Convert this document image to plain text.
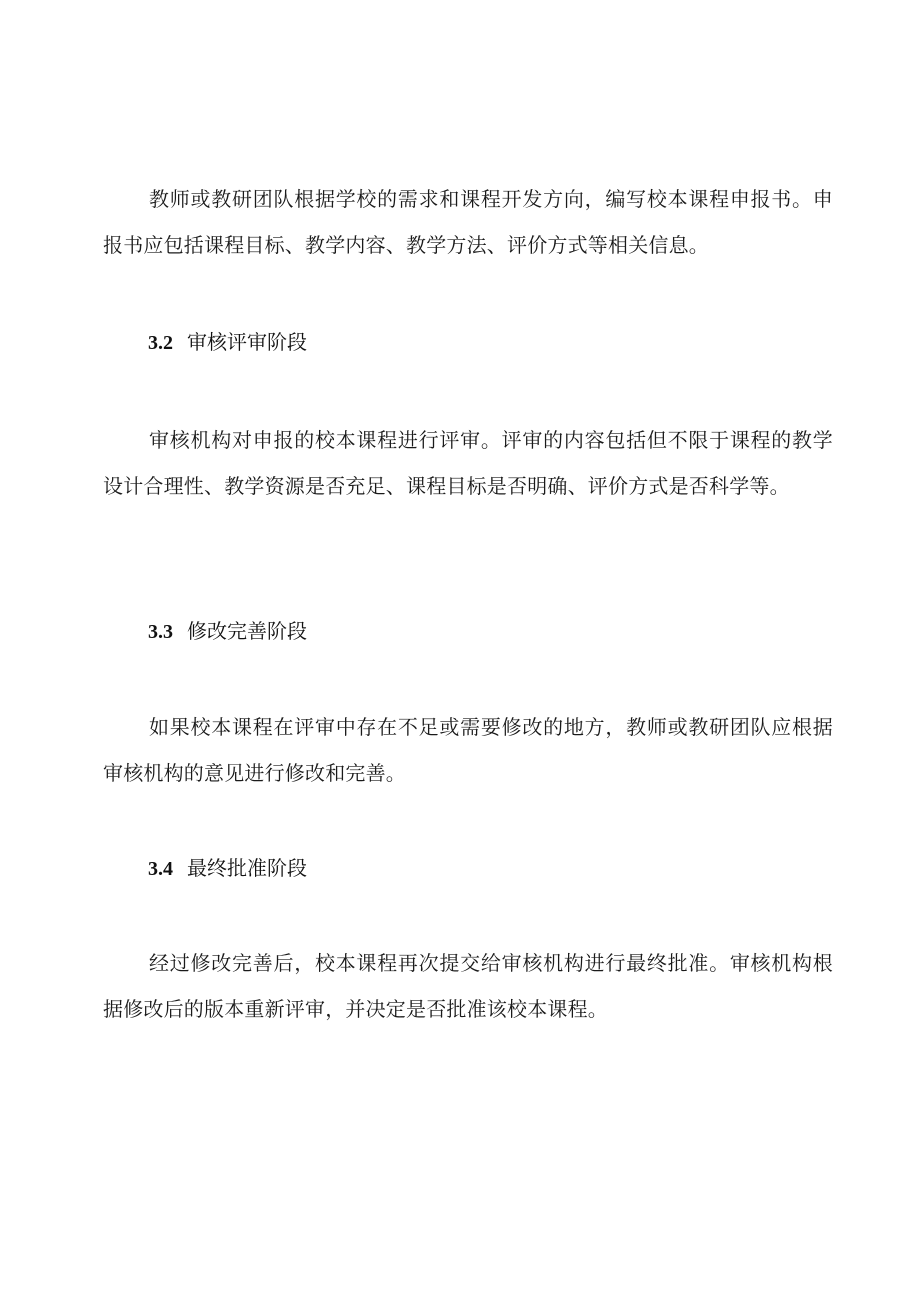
教师或教研团队根据学校的需求和课程开发方向，编写校本课程申报书。申报书应包括课程目标、教学内容、教学方法、评价方式等相关信息。

3.2 审核评审阶段

审核机构对申报的校本课程进行评审。评审的内容包括但不限于课程的教学设计合理性、教学资源是否充足、课程目标是否明确、评价方式是否科学等。

3.3 修改完善阶段

如果校本课程在评审中存在不足或需要修改的地方，教师或教研团队应根据审核机构的意见进行修改和完善。

3.4 最终批准阶段

经过修改完善后，校本课程再次提交给审核机构进行最终批准。审核机构根据修改后的版本重新评审，并决定是否批准该校本课程。
